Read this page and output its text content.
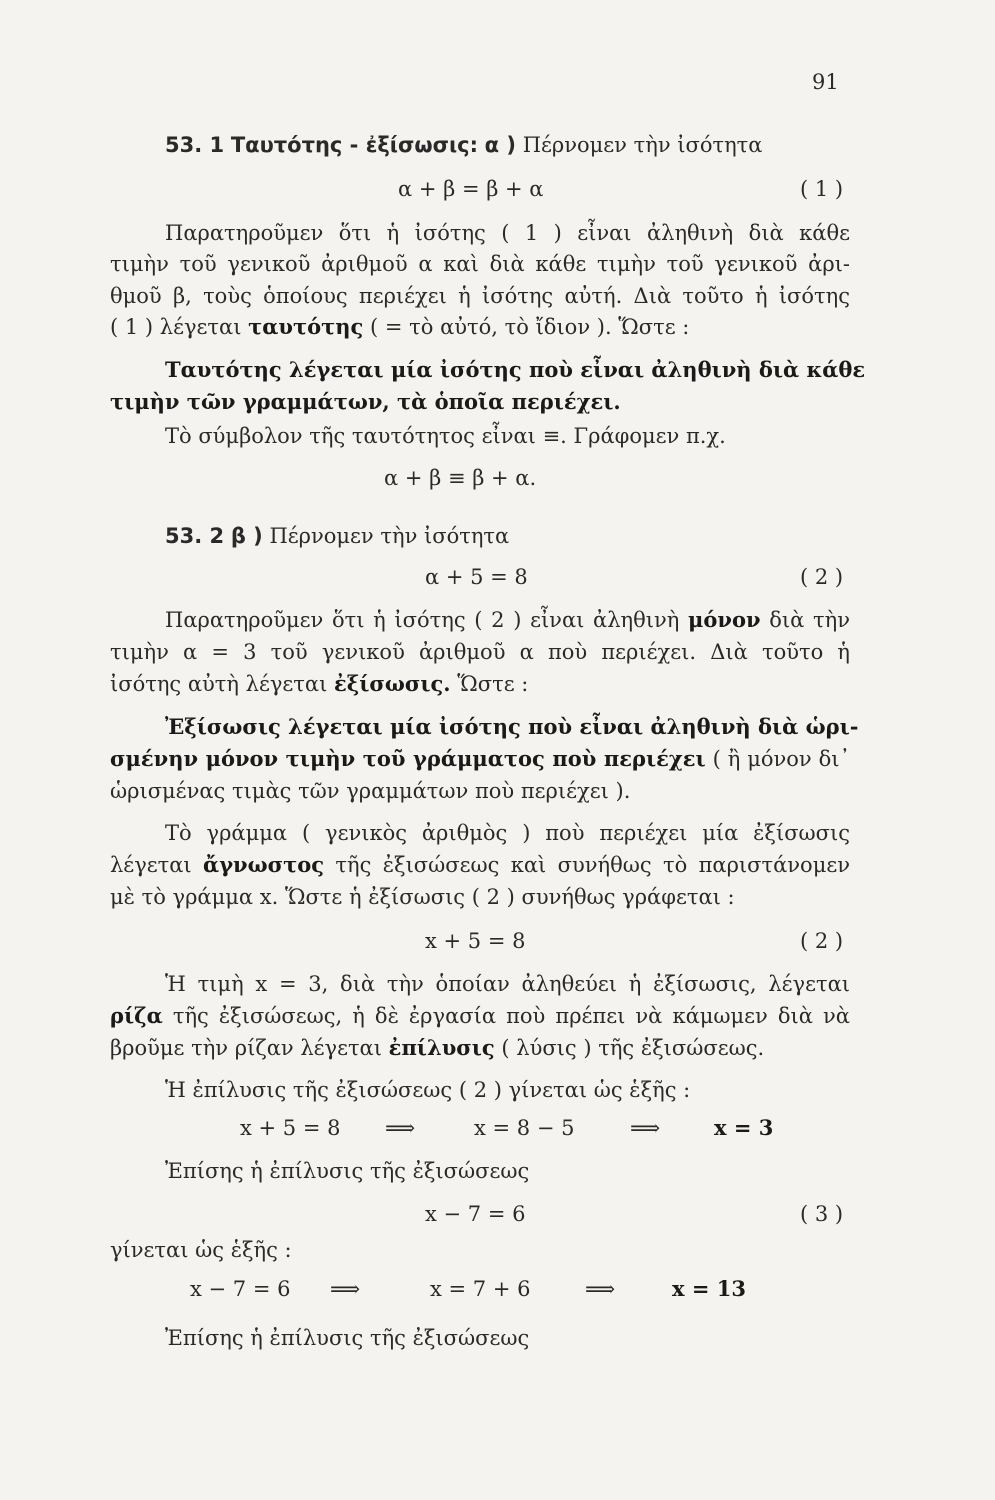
91
53. 1 Ταυτότης - ἐξίσωσις: α ) Πέρνομεν τὴν ἰσότητα
α + β = β + α	( 1 )
Παρατηροῦμεν ὅτι ἡ ἰσότης ( 1 ) εἶναι ἀληθινὴ διὰ κάθε
τιμὴν τοῦ γενικοῦ ἀριθμοῦ α καὶ διὰ κάθε τιμὴν τοῦ γενικοῦ ἀρι-
θμοῦ β, τοὺς ὁποίους περιέχει ἡ ἰσότης αὐτή. Διὰ τοῦτο ἡ ἰσότης
( 1 ) λέγεται ταυτότης ( = τὸ αὐτό, τὸ ἴδιον ). Ὥστε :
Ταυτότης λέγεται μία ἰσότης ποὺ εἶναι ἀληθινὴ διὰ κάθε
τιμὴν τῶν γραμμάτων, τὰ ὁποῖα περιέχει.
Τὸ σύμβολον τῆς ταυτότητος εἶναι ≡. Γράφομεν π.χ.
α + β ≡ β + α.
53. 2 β ) Πέρνομεν τὴν ἰσότητα
α + 5 = 8	( 2 )
Παρατηροῦμεν ὅτι ἡ ἰσότης ( 2 ) εἶναι ἀληθινὴ μόνον διὰ τὴν
τιμὴν α = 3 τοῦ γενικοῦ ἀριθμοῦ α ποὺ περιέχει. Διὰ τοῦτο ἡ
ἰσότης αὐτὴ λέγεται ἐξίσωσις. Ὥστε :
Ἐξίσωσις λέγεται μία ἰσότης ποὺ εἶναι ἀληθινὴ διὰ ὡρι-
σμένην μόνον τιμὴν τοῦ γράμματος ποὺ περιέχει ( ἢ μόνον δι᾽
ὡρισμένας τιμὰς τῶν γραμμάτων ποὺ περιέχει ).
Τὸ γράμμα ( γενικὸς ἀριθμὸς ) ποὺ περιέχει μία ἐξίσωσις
λέγεται ἄγνωστος τῆς ἐξισώσεως καὶ συνήθως τὸ παριστάνομεν
μὲ τὸ γράμμα x. Ὥστε ἡ ἐξίσωσις ( 2 ) συνήθως γράφεται :
x + 5 = 8	( 2 )
Ἡ τιμὴ x = 3, διὰ τὴν ὁποίαν ἀληθεύει ἡ ἐξίσωσις, λέγεται
ρίζα τῆς ἐξισώσεως, ἡ δὲ ἐργασία ποὺ πρέπει νὰ κάμωμεν διὰ νὰ
βροῦμε τὴν ρίζαν λέγεται ἐπίλυσις ( λύσις ) τῆς ἐξισώσεως.
Ἡ ἐπίλυσις τῆς ἐξισώσεως ( 2 ) γίνεται ὡς ἑξῆς :
x + 5 = 8 ⟹	x = 8 − 5	⟹	x = 3
Ἐπίσης ἡ ἐπίλυσις τῆς ἐξισώσεως
x − 7 = 6	( 3 )
γίνεται ὡς ἑξῆς :
x − 7 = 6 ⟹	x = 7 + 6	⟹	x = 13
Ἐπίσης ἡ ἐπίλυσις τῆς ἐξισώσεως
